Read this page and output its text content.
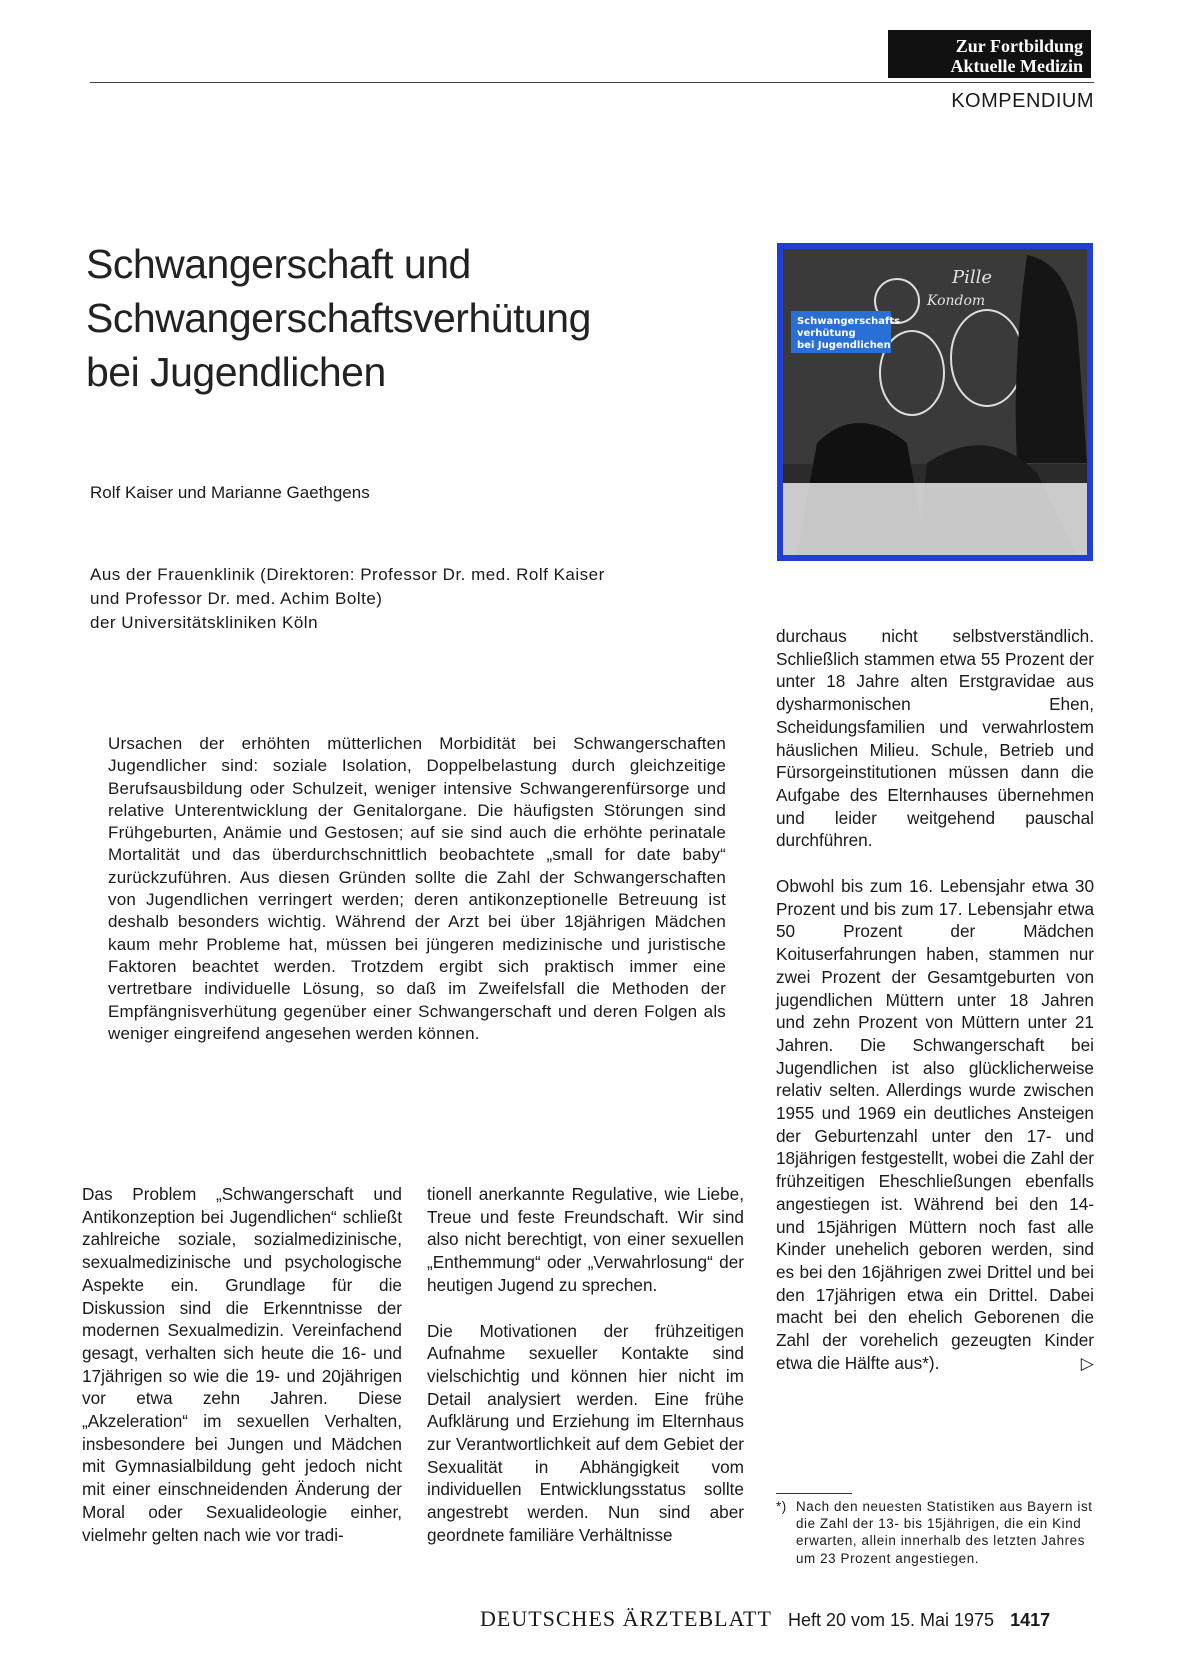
Zur Fortbildung
Aktuelle Medizin
KOMPENDIUM
Schwangerschaft und
Schwangerschaftsverhütung
bei Jugendlichen
Pille
Kondom
Schwangerschafts
verhütung
bei Jugendlichen
Rolf Kaiser und Marianne Gaethgens
Aus der Frauenklinik (Direktoren: Professor Dr. med. Rolf Kaiser
und Professor Dr. med. Achim Bolte)
der Universitätskliniken Köln
Ursachen der erhöhten mütterlichen Morbidität bei Schwangerschaften Jugendlicher sind: soziale Isolation, Doppelbelastung durch gleichzeitige Berufsausbildung oder Schulzeit, weniger intensive Schwangerenfürsorge und relative Unterentwicklung der Genitalorgane. Die häufigsten Störungen sind Frühgeburten, Anämie und Gestosen; auf sie sind auch die erhöhte perinatale Mortalität und das überdurchschnittlich beobachtete „small for date baby“ zurückzuführen. Aus diesen Gründen sollte die Zahl der Schwangerschaften von Jugendlichen verringert werden; deren antikonzeptionelle Betreuung ist deshalb besonders wichtig. Während der Arzt bei über 18jährigen Mädchen kaum mehr Probleme hat, müssen bei jüngeren medizinische und juristische Faktoren beachtet werden. Trotzdem ergibt sich praktisch immer eine vertretbare individuelle Lösung, so daß im Zweifelsfall die Methoden der Empfängnisverhütung gegenüber einer Schwangerschaft und deren Folgen als weniger eingreifend angesehen werden können.

Das Problem „Schwangerschaft und Antikonzeption bei Jugendlichen“ schließt zahlreiche soziale, sozialmedizinische, sexualmedizinische und psychologische Aspekte ein. Grundlage für die Diskussion sind die Erkenntnisse der modernen Sexualmedizin. Vereinfachend gesagt, verhalten sich heute die 16- und 17jährigen so wie die 19- und 20jährigen vor etwa zehn Jahren. Diese „Akzeleration“ im sexuellen Verhalten, insbesondere bei Jungen und Mädchen mit Gymnasialbildung geht jedoch nicht mit einer einschneidenden Änderung der Moral oder Sexualideologie einher, vielmehr gelten nach wie vor tradi-

tionell anerkannte Regulative, wie Liebe, Treue und feste Freundschaft. Wir sind also nicht berechtigt, von einer sexuellen „Enthemmung“ oder „Verwahrlosung“ der heutigen Jugend zu sprechen.

Die Motivationen der frühzeitigen Aufnahme sexueller Kontakte sind vielschichtig und können hier nicht im Detail analysiert werden. Eine frühe Aufklärung und Erziehung im Elternhaus zur Verantwortlichkeit auf dem Gebiet der Sexualität in Abhängigkeit vom individuellen Entwicklungsstatus sollte angestrebt werden. Nun sind aber geordnete familiäre Verhältnisse

durchaus nicht selbstverständlich. Schließlich stammen etwa 55 Prozent der unter 18 Jahre alten Erstgravidae aus dysharmonischen Ehen, Scheidungsfamilien und verwahrlostem häuslichen Milieu. Schule, Betrieb und Fürsorgeinstitutionen müssen dann die Aufgabe des Elternhauses übernehmen und leider weitgehend pauschal durchführen.

Obwohl bis zum 16. Lebensjahr etwa 30 Prozent und bis zum 17. Lebensjahr etwa 50 Prozent der Mädchen Koituserfahrungen haben, stammen nur zwei Prozent der Gesamtgeburten von jugendlichen Müttern unter 18 Jahren und zehn Prozent von Müttern unter 21 Jahren. Die Schwangerschaft bei Jugendlichen ist also glücklicherweise relativ selten. Allerdings wurde zwischen 1955 und 1969 ein deutliches Ansteigen der Geburtenzahl unter den 17- und 18jährigen festgestellt, wobei die Zahl der frühzeitigen Eheschließungen ebenfalls angestiegen ist. Während bei den 14- und 15jährigen Müttern noch fast alle Kinder unehelich geboren werden, sind es bei den 16jährigen zwei Drittel und bei den 17jährigen etwa ein Drittel. Dabei macht bei den ehelich Geborenen die Zahl der vorehelich gezeugten Kinder etwa die Hälfte aus*).	▷

*) Nach den neuesten Statistiken aus Bayern ist die Zahl der 13- bis 15jährigen, die ein Kind erwarten, allein innerhalb des letzten Jahres um 23 Prozent angestiegen.
DEUTSCHES ÄRZTEBLATT Heft 20 vom 15. Mai 1975 1417
